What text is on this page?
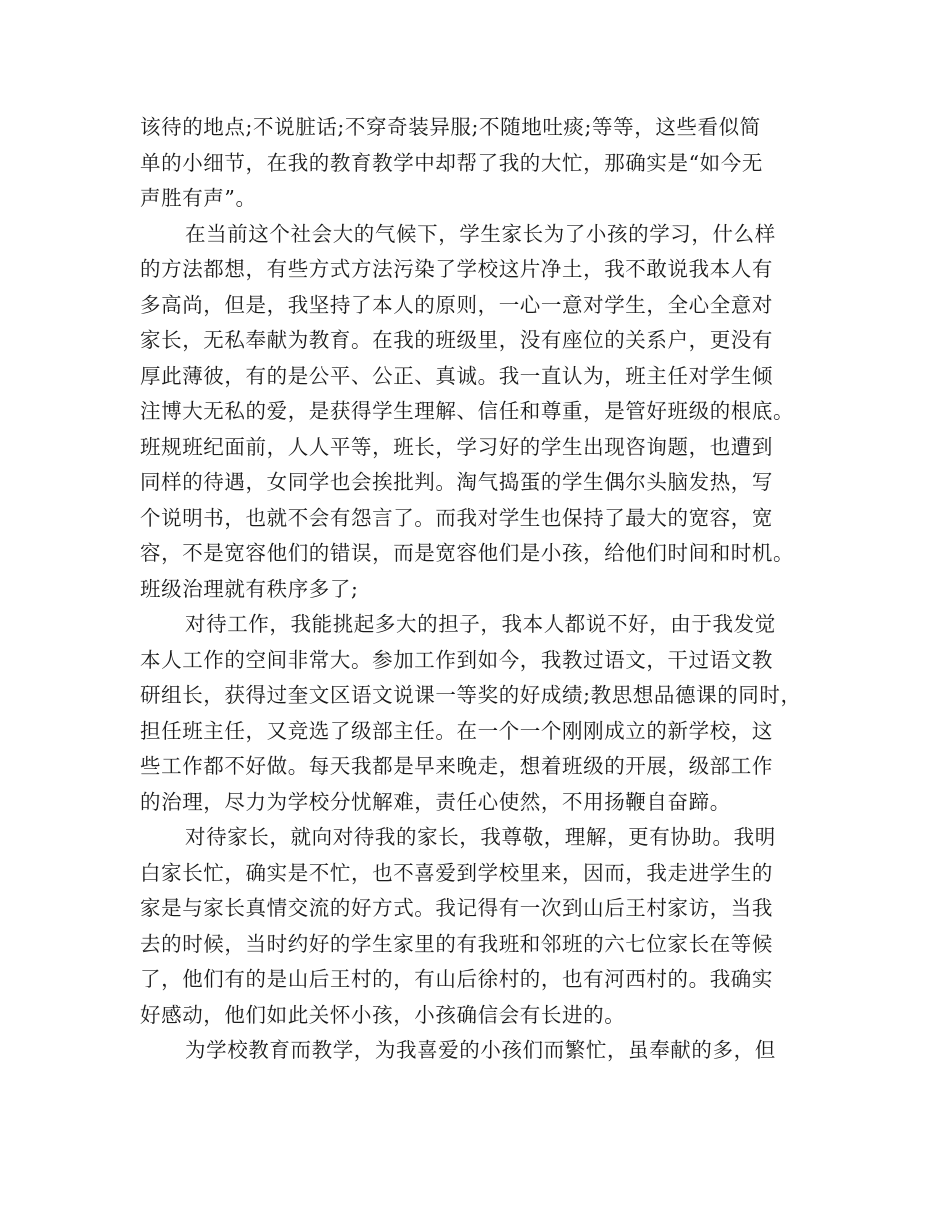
该待的地点;不说脏话;不穿奇装异服;不随地吐痰;等等，这些看似简
单的小细节，在我的教育教学中却帮了我的大忙，那确实是“如今无
声胜有声”。
在当前这个社会大的气候下，学生家长为了小孩的学习，什么样
的方法都想，有些方式方法污染了学校这片净土，我不敢说我本人有
多高尚，但是，我坚持了本人的原则，一心一意对学生，全心全意对
家长，无私奉献为教育。在我的班级里，没有座位的关系户，更没有
厚此薄彼，有的是公平、公正、真诚。我一直认为，班主任对学生倾
注博大无私的爱，是获得学生理解、信任和尊重，是管好班级的根底。
班规班纪面前，人人平等，班长，学习好的学生出现咨询题，也遭到
同样的待遇，女同学也会挨批判。淘气捣蛋的学生偶尔头脑发热，写
个说明书，也就不会有怨言了。而我对学生也保持了最大的宽容，宽
容，不是宽容他们的错误，而是宽容他们是小孩，给他们时间和时机。
班级治理就有秩序多了;
对待工作，我能挑起多大的担子，我本人都说不好，由于我发觉
本人工作的空间非常大。参加工作到如今，我教过语文，干过语文教
研组长，获得过奎文区语文说课一等奖的好成绩;教思想品德课的同时，
担任班主任，又竞选了级部主任。在一个一个刚刚成立的新学校，这
些工作都不好做。每天我都是早来晚走，想着班级的开展，级部工作
的治理，尽力为学校分忧解难，责任心使然，不用扬鞭自奋蹄。
对待家长，就向对待我的家长，我尊敬，理解，更有协助。我明
白家长忙，确实是不忙，也不喜爱到学校里来，因而，我走进学生的
家是与家长真情交流的好方式。我记得有一次到山后王村家访，当我
去的时候，当时约好的学生家里的有我班和邻班的六七位家长在等候
了，他们有的是山后王村的，有山后徐村的，也有河西村的。我确实
好感动，他们如此关怀小孩，小孩确信会有长进的。
为学校教育而教学，为我喜爱的小孩们而繁忙，虽奉献的多，但
